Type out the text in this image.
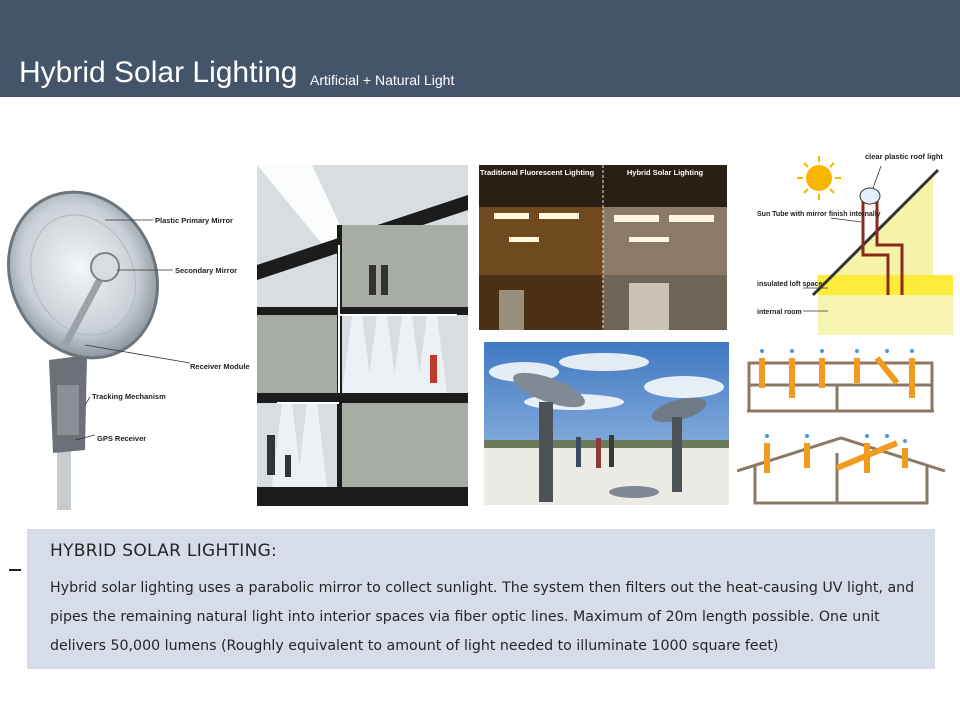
Hybrid Solar Lighting Artificial + Natural Light
Plastic Primary Mirror
Secondary Mirror
Receiver Module
Tracking Mechanism
GPS Receiver
Traditional Fluorescent Lighting	Hybrid Solar Lighting
clear plastic roof light
Sun Tube with mirror finish internally
insulated loft space
internal room
HYBRID SOLAR LIGHTING:
Hybrid solar lighting uses a parabolic mirror to collect sunlight. The system then filters out the heat-causing UV light, and pipes the remaining natural light into interior spaces via fiber optic lines. Maximum of 20m length possible. One unit delivers 50,000 lumens (Roughly equivalent to amount of light needed to illuminate 1000 square feet)
